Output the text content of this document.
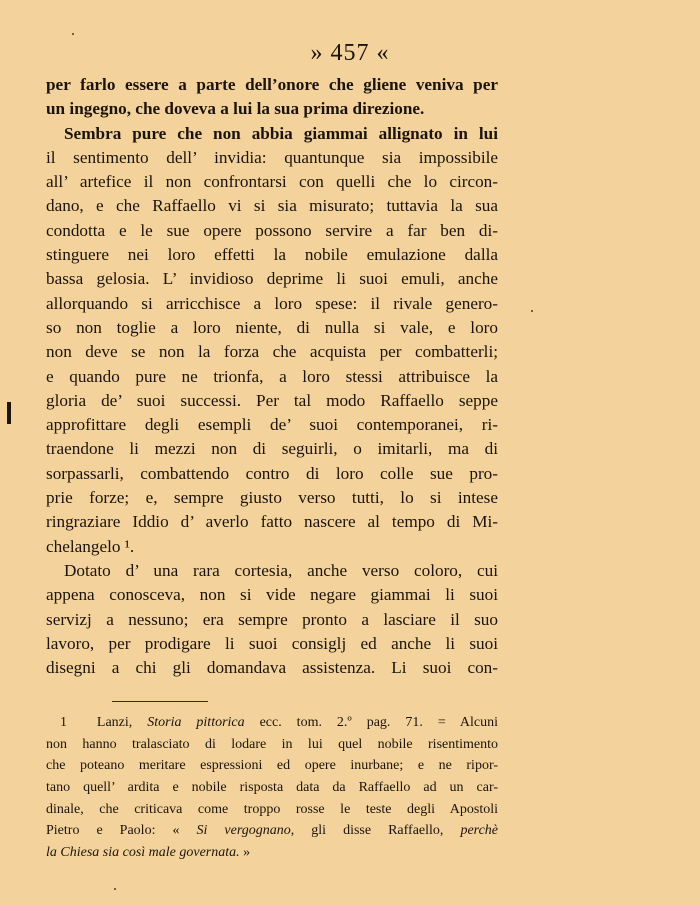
» 457 «
per farlo essere a parte dell’onore che gliene veniva per
un ingegno, che doveva a lui la sua prima direzione.
Sembra pure che non abbia giammai allignato in lui
il sentimento dell’ invidia: quantunque sia impossibile
all’ artefice il non confrontarsi con quelli che lo circon-
dano, e che Raffaello vi si sia misurato; tuttavia la sua
condotta e le sue opere possono servire a far ben di-
stinguere nei loro effetti la nobile emulazione dalla
bassa gelosia. L’ invidioso deprime li suoi emuli, anche
allorquando si arricchisce a loro spese: il rivale genero-
so non toglie a loro niente, di nulla si vale, e loro
non deve se non la forza che acquista per combatterli;
e quando pure ne trionfa, a loro stessi attribuisce la
gloria de’ suoi successi. Per tal modo Raffaello seppe
approfittare degli esempli de’ suoi contemporanei, ri-
traendone li mezzi non di seguirli, o imitarli, ma di
sorpassarli, combattendo contro di loro colle sue pro-
prie forze; e, sempre giusto verso tutti, lo si intese
ringraziare Iddio d’ averlo fatto nascere al tempo di Mi-
chelangelo ¹.
Dotato d’ una rara cortesia, anche verso coloro, cui
appena conosceva, non si vide negare giammai li suoi
servizj a nessuno; era sempre pronto a lasciare il suo
lavoro, per prodigare li suoi consiglj ed anche li suoi
disegni a chi gli domandava assistenza. Li suoi con-
1 Lanzi, Storia pittorica ecc. tom. 2.º pag. 71. = Alcuni
non hanno tralasciato di lodare in lui quel nobile risentimento
che poteano meritare espressioni ed opere inurbane; e ne ripor-
tano quell’ ardita e nobile risposta data da Raffaello ad un car-
dinale, che criticava come troppo rosse le teste degli Apostoli
Pietro e Paolo: « Si vergognano, gli disse Raffaello, perchè
la Chiesa sia così male governata. »
